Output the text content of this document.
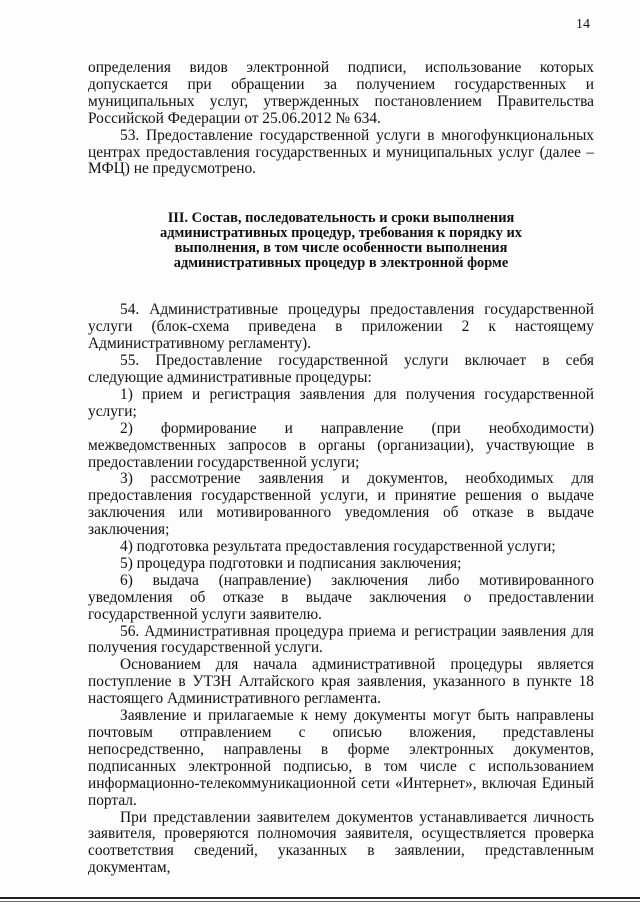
14

определения видов электронной подписи, использование которых допускается при обращении за получением государственных и муниципальных услуг, утвержденных постановлением Правительства Российской Федерации от 25.06.2012 № 634.

53. Предоставление государственной услуги в многофункциональных центрах предоставления государственных и муниципальных услуг (далее – МФЦ) не предусмотрено.

III. Состав, последовательность и сроки выполнения административных процедур, требования к порядку их выполнения, в том числе особенности выполнения административных процедур в электронной форме

54. Административные процедуры предоставления государственной услуги (блок-схема приведена в приложении 2 к настоящему Административному регламенту).

55. Предоставление государственной услуги включает в себя следующие административные процедуры:

1) прием и регистрация заявления для получения государственной услуги;

2) формирование и направление (при необходимости) межведомственных запросов в органы (организации), участвующие в предоставлении государственной услуги;

3) рассмотрение заявления и документов, необходимых для предоставления государственной услуги, и принятие решения о выдаче заключения или мотивированного уведомления об отказе в выдаче заключения;

4) подготовка результата предоставления государственной услуги;

5) процедура подготовки и подписания заключения;

6) выдача (направление) заключения либо мотивированного уведомления об отказе в выдаче заключения о предоставлении государственной услуги заявителю.

56. Административная процедура приема и регистрации заявления для получения государственной услуги.

Основанием для начала административной процедуры является поступление в УТЗН Алтайского края заявления, указанного в пункте 18 настоящего Административного регламента.

Заявление и прилагаемые к нему документы могут быть направлены почтовым отправлением с описью вложения, представлены непосредственно, направлены в форме электронных документов, подписанных электронной подписью, в том числе с использованием информационно-телекоммуникационной сети «Интернет», включая Единый портал.

При представлении заявителем документов устанавливается личность заявителя, проверяются полномочия заявителя, осуществляется проверка соответствия сведений, указанных в заявлении, представленным документам,
